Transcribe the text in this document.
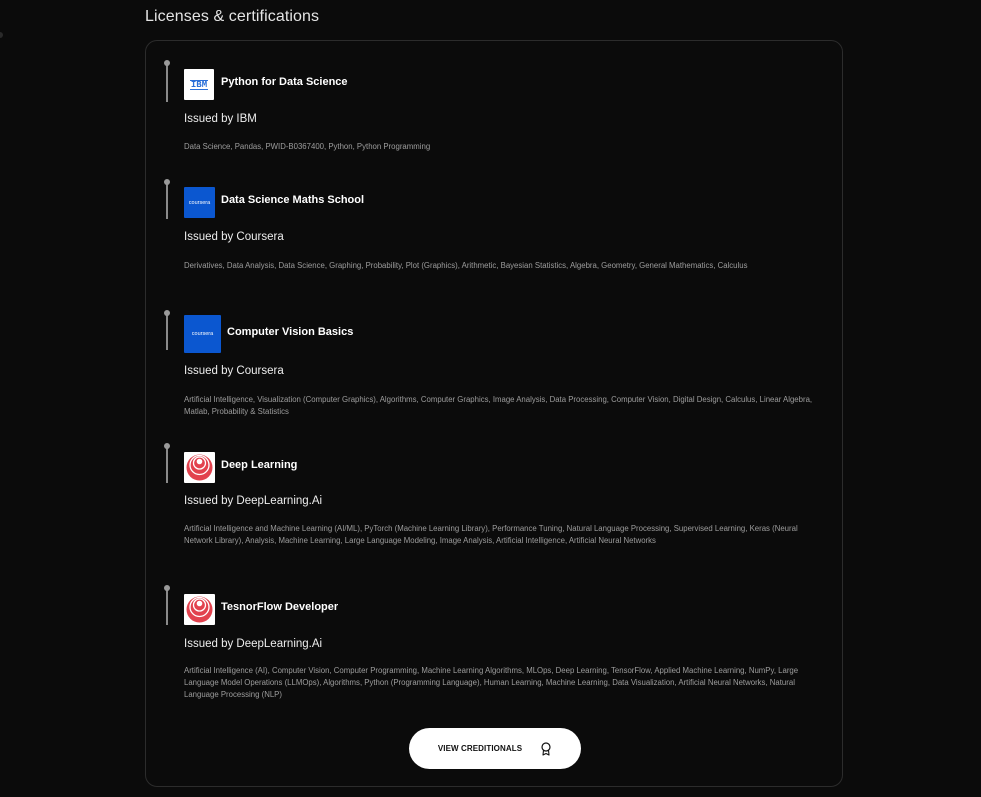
Licenses & certifications
IBM Python for Data Science
Issued by IBM
Data Science, Pandas, PWID-B0367400, Python, Python Programming
coursera Data Science Maths School
Issued by Coursera
Derivatives, Data Analysis, Data Science, Graphing, Probability, Plot (Graphics), Arithmetic, Bayesian Statistics, Algebra, Geometry, General Mathematics, Calculus
coursera Computer Vision Basics
Issued by Coursera
Artificial Intelligence, Visualization (Computer Graphics), Algorithms, Computer Graphics, Image Analysis, Data Processing, Computer Vision, Digital Design, Calculus, Linear Algebra, Matlab, Probability & Statistics
Deep Learning
Issued by DeepLearning.Ai
Artificial Intelligence and Machine Learning (AI/ML), PyTorch (Machine Learning Library), Performance Tuning, Natural Language Processing, Supervised Learning, Keras (Neural Network Library), Analysis, Machine Learning, Large Language Modeling, Image Analysis, Artificial Intelligence, Artificial Neural Networks
TesnorFlow Developer
Issued by DeepLearning.Ai
Artificial Intelligence (AI), Computer Vision, Computer Programming, Machine Learning Algorithms, MLOps, Deep Learning, TensorFlow, Applied Machine Learning, NumPy, Large Language Model Operations (LLMOps), Algorithms, Python (Programming Language), Human Learning, Machine Learning, Data Visualization, Artificial Neural Networks, Natural Language Processing (NLP)
VIEW CREDITIONALS
